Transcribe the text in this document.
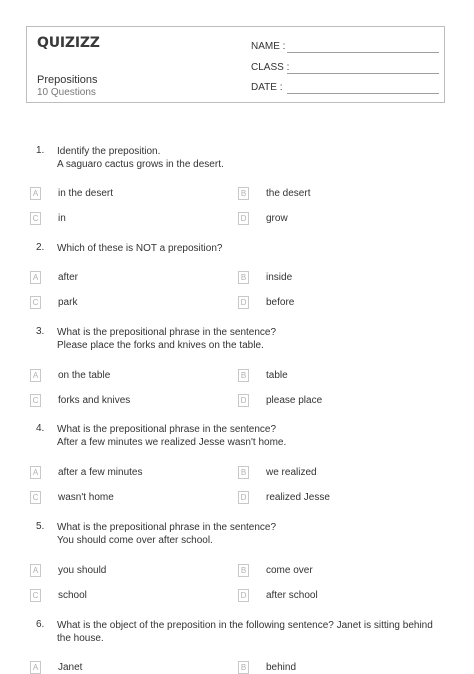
QUIZIZZ
Prepositions
10 Questions
NAME :
CLASS :
DATE :
1.	Identify the preposition.
A saguaro cactus grows in the desert.
A in the desert	B the desert
C in	D grow
2.	Which of these is NOT a preposition?
A after	B inside
C park	D before
3.	What is the prepositional phrase in the sentence?
Please place the forks and knives on the table.
A on the table	B table
C forks and knives	D please place
4.	What is the prepositional phrase in the sentence?
After a few minutes we realized Jesse wasn't home.
A after a few minutes	B we realized
C wasn't home	D realized Jesse
5.	What is the prepositional phrase in the sentence?
You should come over after school.
A you should	B come over
C school	D after school
6.	What is the object of the preposition in the following sentence? Janet is sitting behind
the house.
A Janet	B behind
